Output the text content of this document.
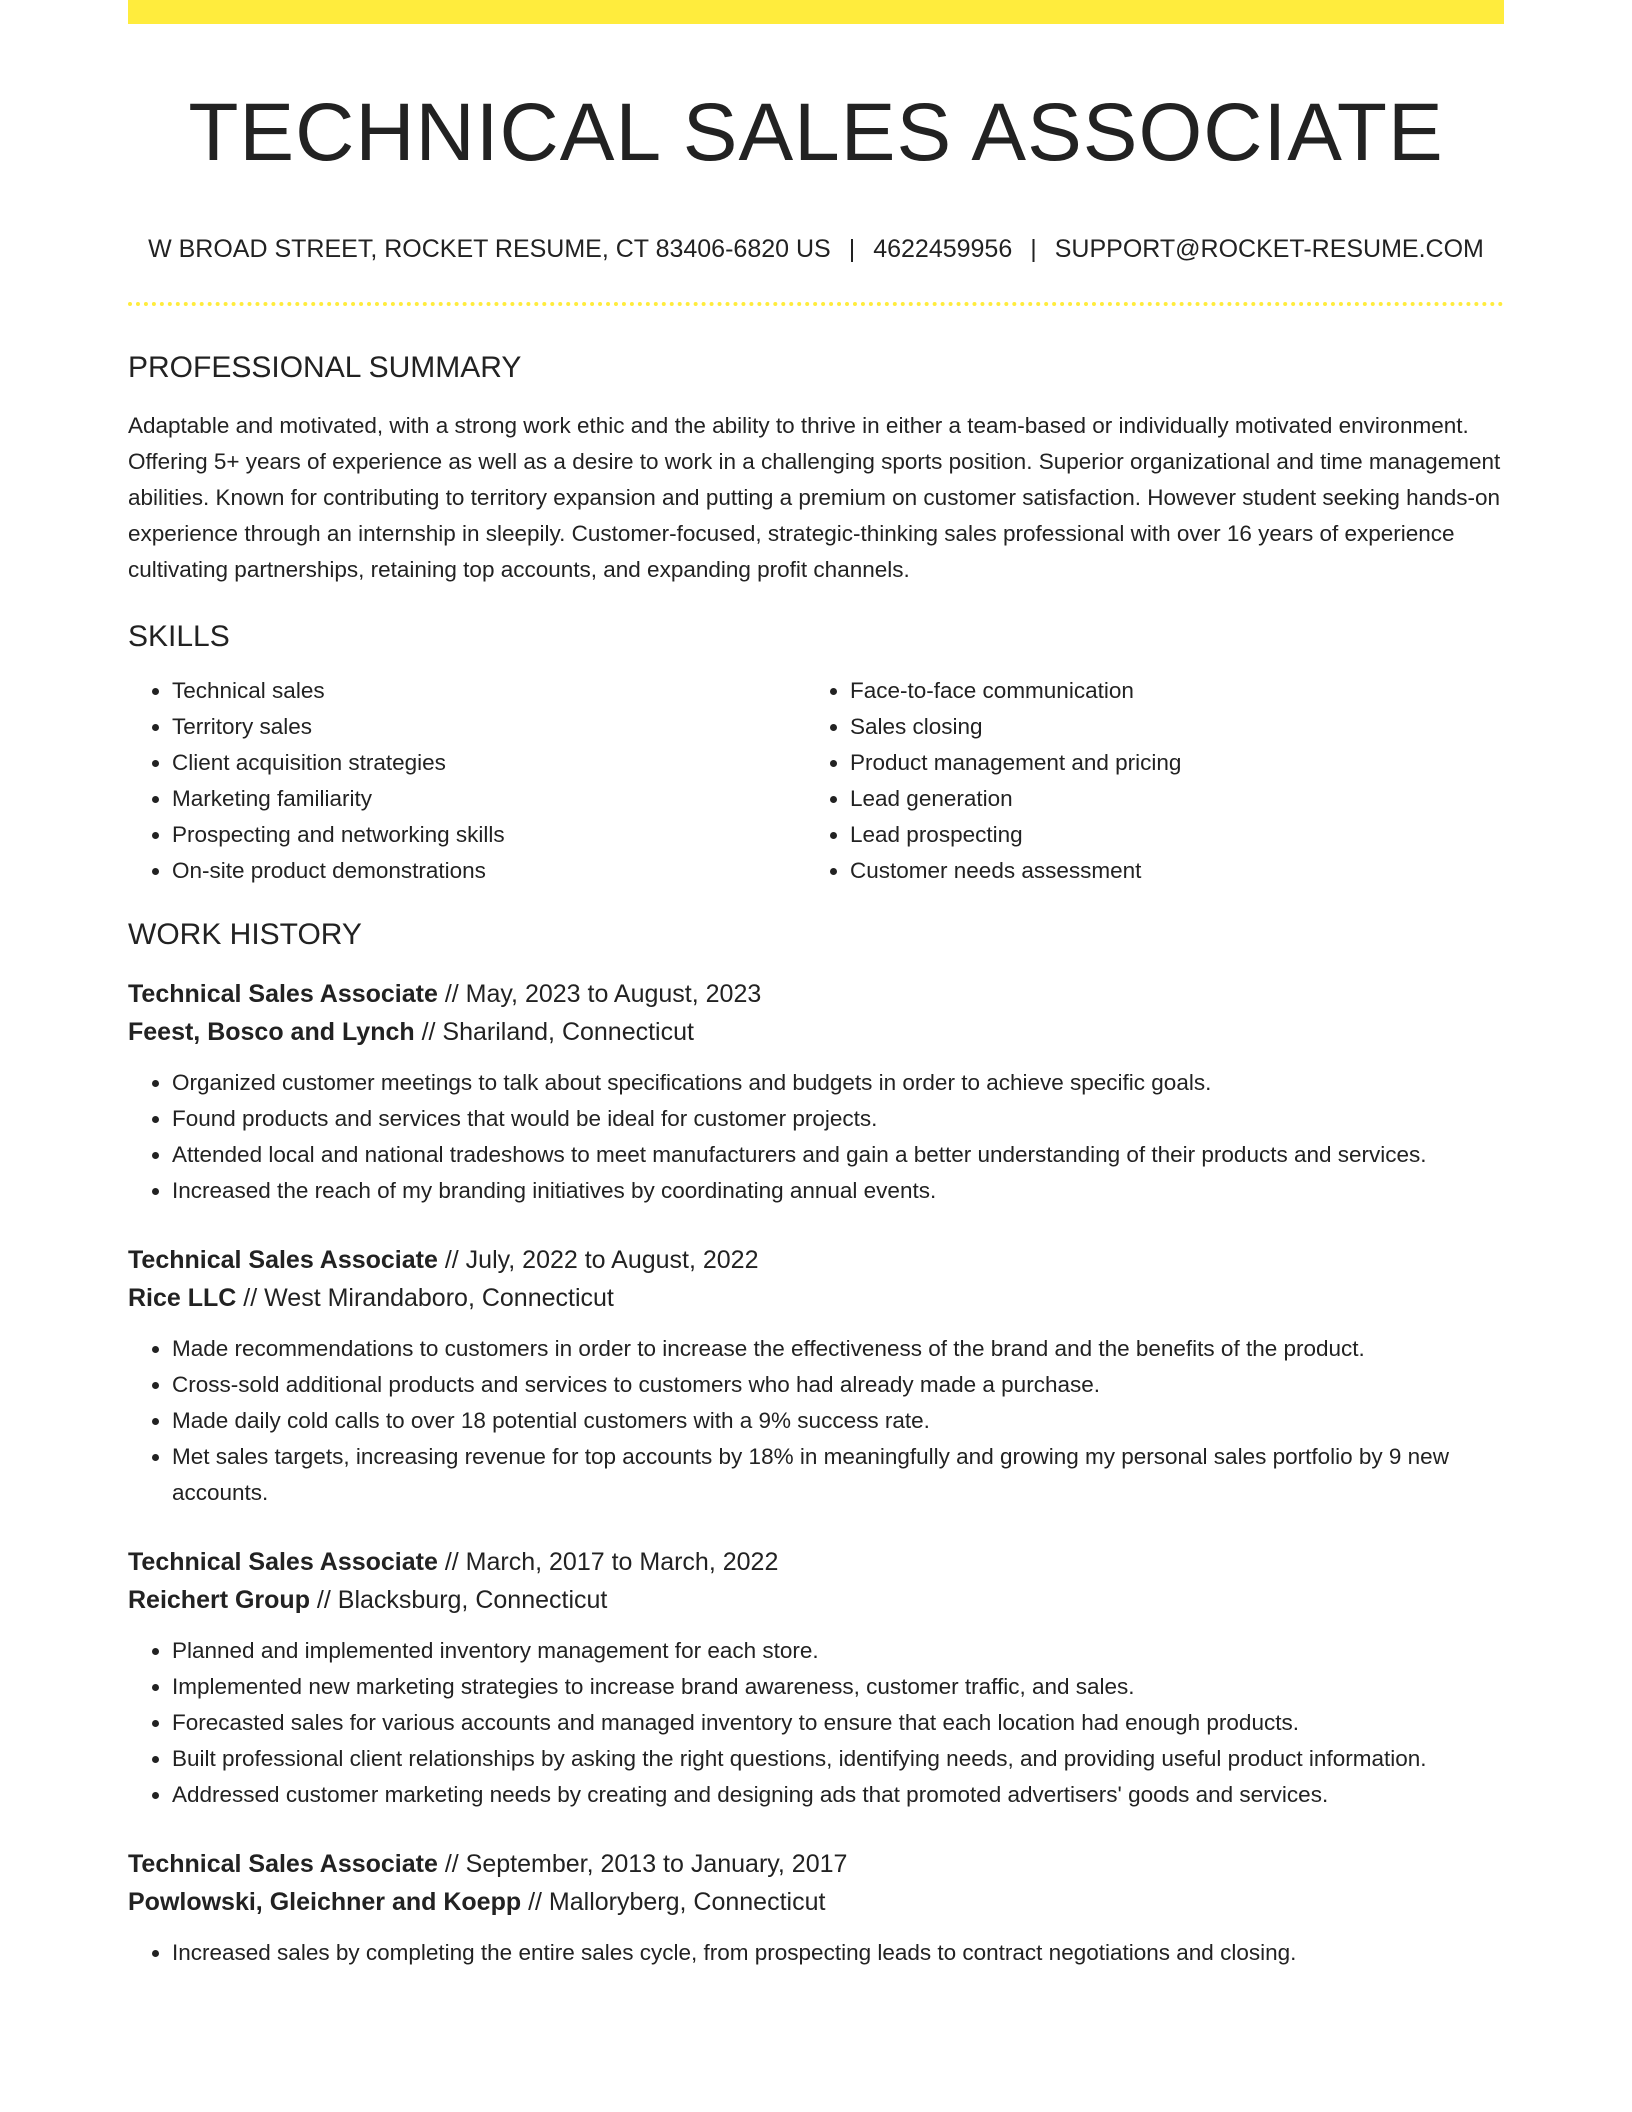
TECHNICAL SALES ASSOCIATE
W BROAD STREET, ROCKET RESUME, CT 83406-6820 US | 4622459956 | SUPPORT@ROCKET-RESUME.COM
PROFESSIONAL SUMMARY
Adaptable and motivated, with a strong work ethic and the ability to thrive in either a team-based or individually motivated environment. Offering 5+ years of experience as well as a desire to work in a challenging sports position. Superior organizational and time management abilities. Known for contributing to territory expansion and putting a premium on customer satisfaction. However student seeking hands-on experience through an internship in sleepily. Customer-focused, strategic-thinking sales professional with over 16 years of experience cultivating partnerships, retaining top accounts, and expanding profit channels.
SKILLS
• Technical sales
• Territory sales
• Client acquisition strategies
• Marketing familiarity
• Prospecting and networking skills
• On-site product demonstrations
• Face-to-face communication
• Sales closing
• Product management and pricing
• Lead generation
• Lead prospecting
• Customer needs assessment
WORK HISTORY
Technical Sales Associate // May, 2023 to August, 2023
Feest, Bosco and Lynch // Shariland, Connecticut
• Organized customer meetings to talk about specifications and budgets in order to achieve specific goals.
• Found products and services that would be ideal for customer projects.
• Attended local and national tradeshows to meet manufacturers and gain a better understanding of their products and services.
• Increased the reach of my branding initiatives by coordinating annual events.
Technical Sales Associate // July, 2022 to August, 2022
Rice LLC // West Mirandaboro, Connecticut
• Made recommendations to customers in order to increase the effectiveness of the brand and the benefits of the product.
• Cross-sold additional products and services to customers who had already made a purchase.
• Made daily cold calls to over 18 potential customers with a 9% success rate.
• Met sales targets, increasing revenue for top accounts by 18% in meaningfully and growing my personal sales portfolio by 9 new accounts.
Technical Sales Associate // March, 2017 to March, 2022
Reichert Group // Blacksburg, Connecticut
• Planned and implemented inventory management for each store.
• Implemented new marketing strategies to increase brand awareness, customer traffic, and sales.
• Forecasted sales for various accounts and managed inventory to ensure that each location had enough products.
• Built professional client relationships by asking the right questions, identifying needs, and providing useful product information.
• Addressed customer marketing needs by creating and designing ads that promoted advertisers' goods and services.
Technical Sales Associate // September, 2013 to January, 2017
Powlowski, Gleichner and Koepp // Malloryberg, Connecticut
• Increased sales by completing the entire sales cycle, from prospecting leads to contract negotiations and closing.
